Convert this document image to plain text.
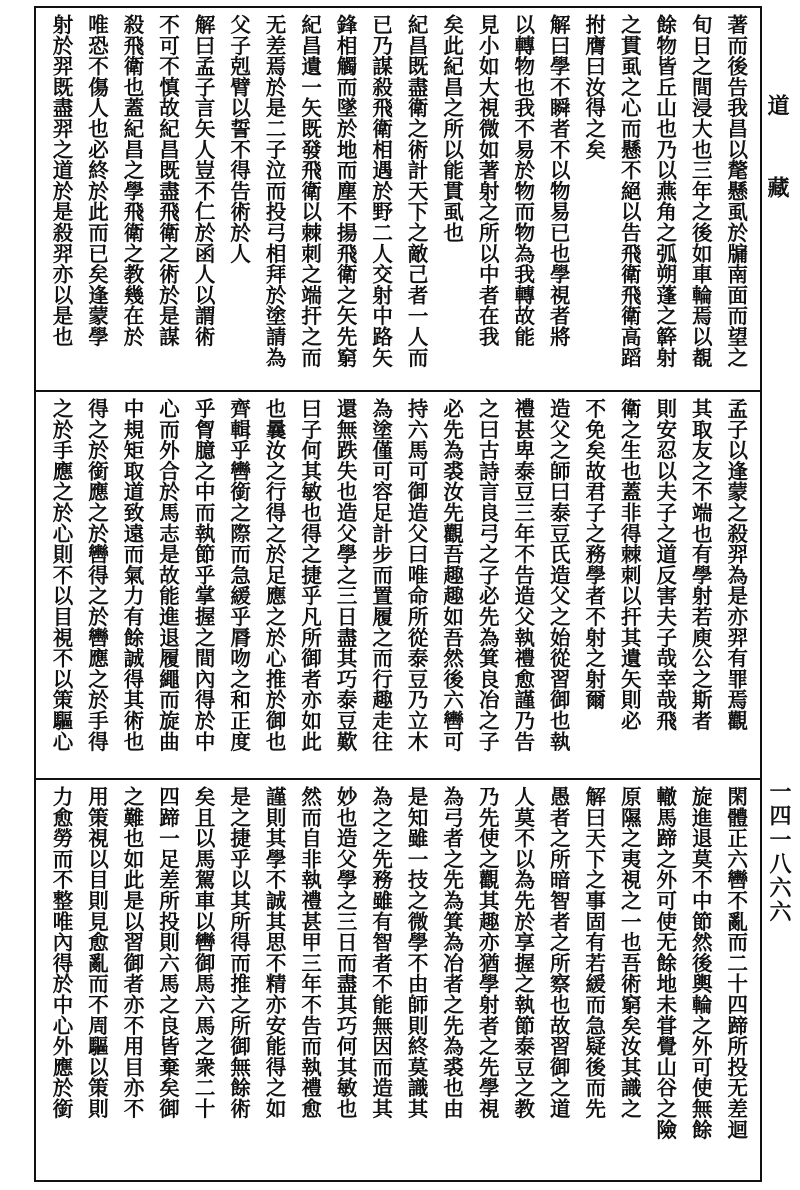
著而後告我昌以氂懸虱於牖南面而望之
旬日之間浸大也三年之後如車輪焉以覩
餘物皆丘山也乃以燕角之弧朔蓬之簳射
之貫虱之心而懸不絕以告飛衛飛衛高蹈
拊膺曰汝得之矣
解曰學不瞬者不以物易已也學視者將
以轉物也我不易於物而物為我轉故能
見小如大視微如著射之所以中者在我
矣此紀昌之所以能貫虱也
紀昌既盡衛之術計天下之敵己者一人而
已乃謀殺飛衛相遇於野二人交射中路矢
鋒相觸而墜於地而塵不揚飛衛之矢先窮
紀昌遺一矢既發飛衛以棘刺之端扞之而
无差焉於是二子泣而投弓相拜於塗請為
父子剋臂以誓不得告術於人
解曰孟子言矢人豈不仁於函人以謂術
不可不慎故紀昌既盡飛衛之術於是謀
殺飛衛也蓋紀昌之學飛衛之教幾在於
唯恐不傷人也必終於此而已矣逢蒙學
射於羿既盡羿之道於是殺羿亦以是也
孟子以逢蒙之殺羿為是亦羿有罪焉觀
其取友之不端也有學射若庾公之斯者
則安忍以夫子之道反害夫子哉幸哉飛
衛之生也蓋非得棘刺以扞其遺矢則必
不免矣故君子之務學者不射之射爾
造父之師曰泰豆氏造父之始從習御也執
禮甚卑泰豆三年不告造父執禮愈謹乃告
之曰古詩言良弓之子必先為箕良冶之子
必先為裘汝先觀吾趣趣如吾然後六轡可
持六馬可御造父曰唯命所從泰豆乃立木
為塗僅可容足計步而置履之而行趣走往
還無跌失也造父學之三日盡其巧泰豆歎
曰子何其敏也得之捷乎凡所御者亦如此
也曩汝之行得之於足應之於心推於御也
齊輯乎轡銜之際而急緩乎脣吻之和正度
乎胷臆之中而執節乎掌握之間內得於中
心而外合於馬志是故能進退履繩而旋曲
中規矩取道致遠而氣力有餘誠得其術也
得之於銜應之於轡得之於轡應之於手得
之於手應之於心則不以目視不以策驅心
閑體正六轡不亂而二十四蹄所投无差迴
旋進退莫不中節然後輿輪之外可使無餘
轍馬蹄之外可使无餘地未甞覺山谷之險
原隰之夷視之一也吾術窮矣汝其識之
解曰天下之事固有若緩而急疑後而先
愚者之所暗智者之所察也故習御之道
人莫不以為先於享握之執節泰豆之教
乃先使之觀其趣亦猶學射者之先學視
為弓者之先為箕為冶者之先為裘也由
是知雖一技之微學不由師則終莫識其
為之之先務雖有智者不能無因而造其
妙也造父學之三日而盡其巧何其敏也
然而自非執禮甚甲三年不告而執禮愈
謹則其學不誠其思不精亦安能得之如
是之捷乎以其所得而推之所御無餘術
矣且以馬駕車以轡御馬六馬之衆二十
四蹄一足差所投則六馬之良皆棄矣御
之難也如此是以習御者亦不用目亦不
用策視以目則見愈亂而不周驅以策則
力愈勞而不整唯內得於中心外應於銜
道藏
一四一八六六
